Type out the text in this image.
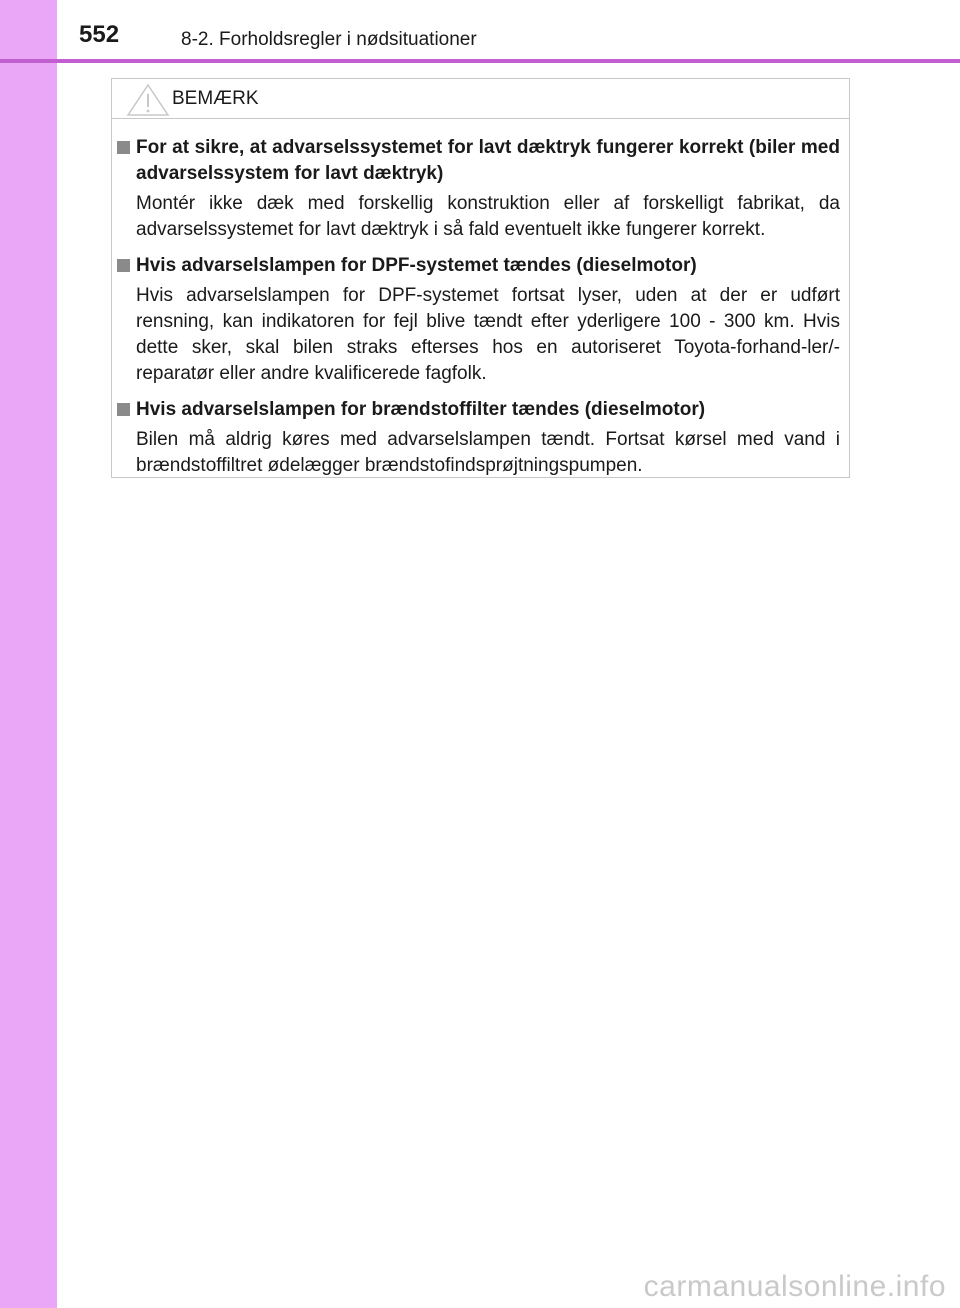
552	8-2. Forholdsregler i nødsituationer
BEMÆRK

For at sikre, at advarselssystemet for lavt dæktryk fungerer korrekt (biler med advarselssystem for lavt dæktryk)

Montér ikke dæk med forskellig konstruktion eller af forskelligt fabrikat, da advarselssystemet for lavt dæktryk i så fald eventuelt ikke fungerer korrekt.

Hvis advarselslampen for DPF-systemet tændes (dieselmotor)

Hvis advarselslampen for DPF-systemet fortsat lyser, uden at der er udført rensning, kan indikatoren for fejl blive tændt efter yderligere 100 - 300 km. Hvis dette sker, skal bilen straks efterses hos en autoriseret Toyota-forhand-ler/-reparatør eller andre kvalificerede fagfolk.

Hvis advarselslampen for brændstoffilter tændes (dieselmotor)

Bilen må aldrig køres med advarselslampen tændt. Fortsat kørsel med vand i brændstoffiltret ødelægger brændstofindsprøjtningspumpen.

carmanualsonline.info
